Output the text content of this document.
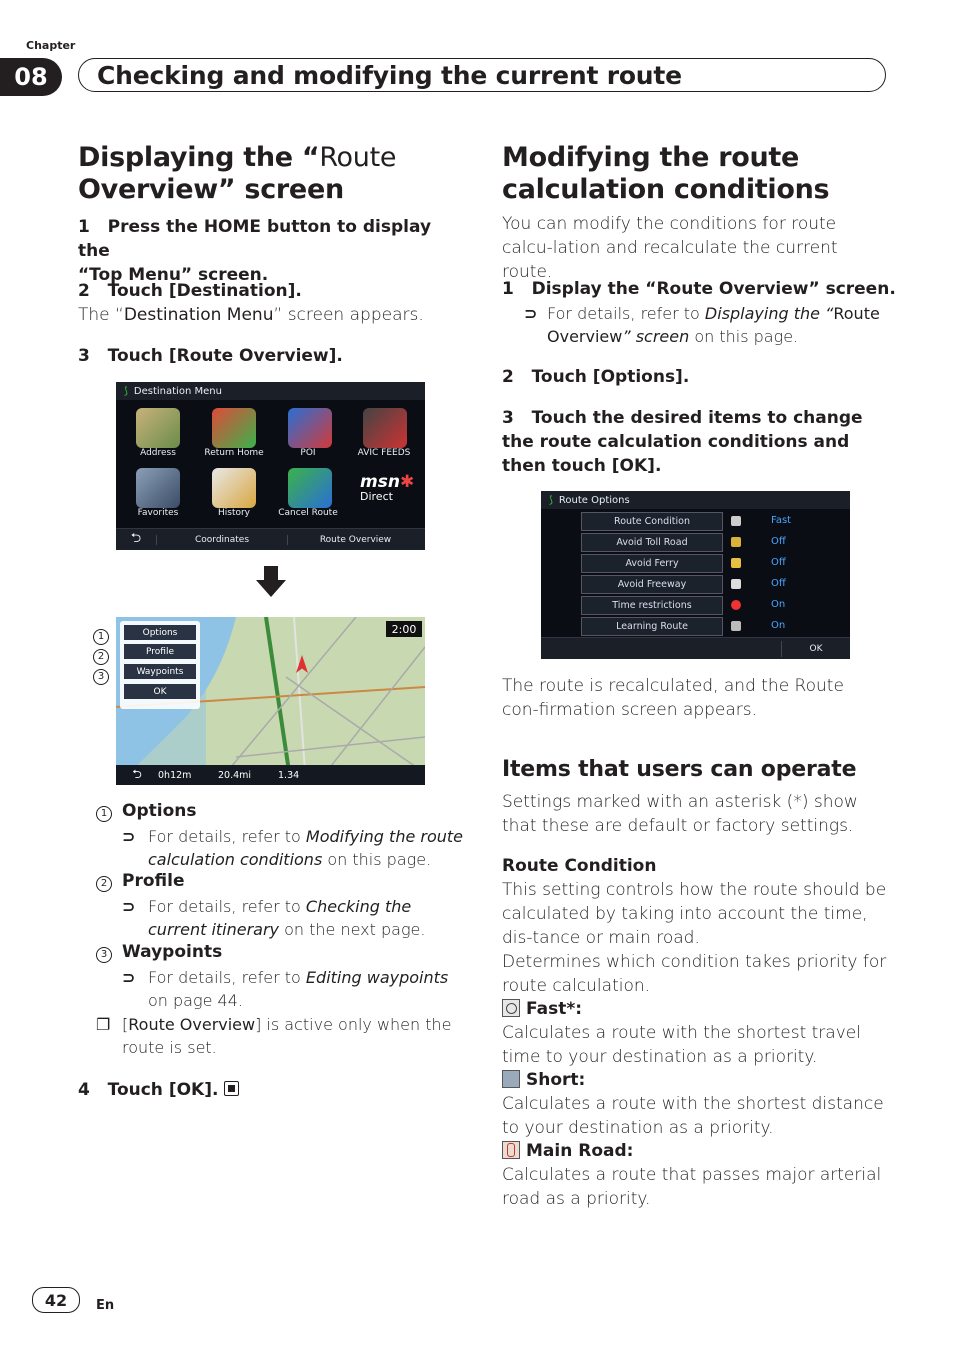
Chapter
08	Checking and modifying the current route
Displaying the “Route
Overview” screen
1 Press the HOME button to display the
“Top Menu” screen.
2 Touch [Destination].
The “Destination Menu” screen appears.
3 Touch [Route Overview].
⟆ Destination Menu
Address	Return Home	POI	AVIC FEEDS
Favorites	History	Cancel Route
msn✱
Direct
⮌	Coordinates	Route Overview
2:00
Options
Profile
Waypoints
OK
⮌	0h12m	20.4mi	1.34
1
2
3
1 Options
⊃ For details, refer to Modifying the route calculation conditions on this page.
2 Profile
⊃ For details, refer to Checking the current itinerary on the next page.
3 Waypoints
⊃ For details, refer to Editing waypoints on page 44.
❐ [Route Overview] is active only when the route is set.
4 Touch [OK].
Modifying the route
calculation conditions
You can modify the conditions for route calcu-lation and recalculate the current route.
1   Display the “Route Overview” screen.
⊃ For details, refer to Displaying the “Route Overview” screen on this page.
2   Touch [Options].
3   Touch the desired items to change the route calculation conditions and then touch [OK].
⟆ Route Options
Route Condition	Fast
Avoid Toll Road	Off
Avoid Ferry	Off
Avoid Freeway	Off
Time restrictions	On
Learning Route	On
OK
The route is recalculated, and the Route con-firmation screen appears.
Items that users can operate
Settings marked with an asterisk (*) show that these are default or factory settings.
Route Condition
This setting controls how the route should be calculated by taking into account the time, dis-tance or main road.
Determines which condition takes priority for route calculation.
Fast*:
Calculates a route with the shortest travel time to your destination as a priority.
Short:
Calculates a route with the shortest distance to your destination as a priority.
Main Road:
Calculates a route that passes major arterial road as a priority.
42	En
